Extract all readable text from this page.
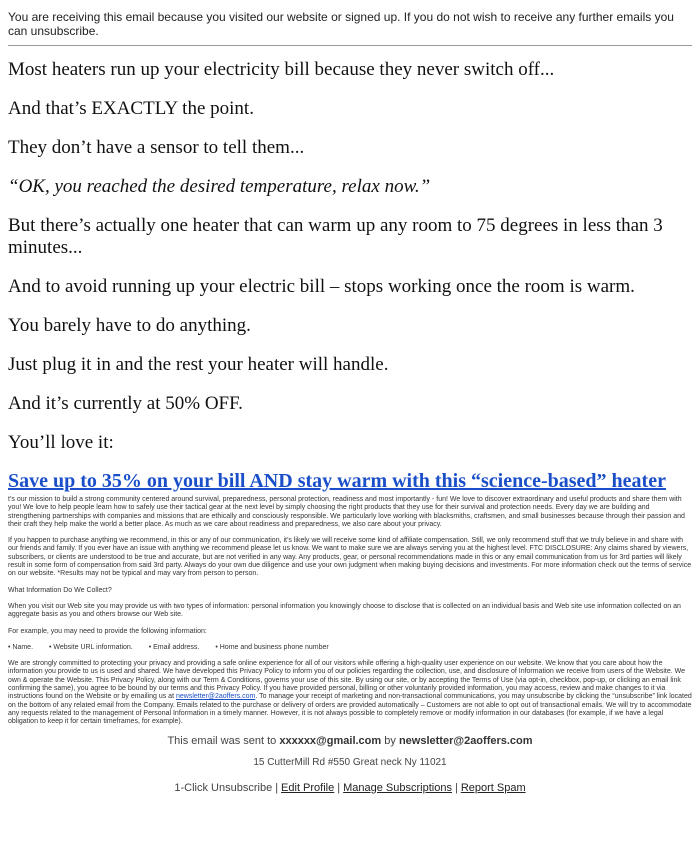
You are receiving this email because you visited our website or signed up. If you do not wish to receive any further emails you can unsubscribe.

Most heaters run up your electricity bill because they never switch off...

And that’s EXACTLY the point.

They don’t have a sensor to tell them...

“OK, you reached the desired temperature, relax now.”

But there’s actually one heater that can warm up any room to 75 degrees in less than 3 minutes...

And to avoid running up your electric bill – stops working once the room is warm.

You barely have to do anything.

Just plug it in and the rest your heater will handle.

And it’s currently at 50% OFF.

You’ll love it:

Save up to 35% on your bill AND stay warm with this “science-based” heater

t’s our mission to build a strong community centered around survival, preparedness, personal protection, readiness and most importantly - fun! We love to discover extraordinary and useful products and share them with you! We love to help people learn how to safely use their tactical gear at the next level by simply choosing the right products that they use for their survival and protection needs. Every day we are building and strengthening partnerships with companies and missions that are ethically and consciously responsible. We particularly love working with blacksmiths, craftsmen, and small businesses because through their passion and their craft they help make the world a better place. As much as we care about readiness and preparedness, we also care about your privacy.

If you happen to purchase anything we recommend, in this or any of our communication, it’s likely we will receive some kind of affiliate compensation. Still, we only recommend stuff that we truly believe in and share with our friends and family. If you ever have an issue with anything we recommend please let us know. We want to make sure we are always serving you at the highest level. FTC DISCLOSURE: Any claims shared by viewers, subscribers, or clients are understood to be true and accurate, but are not verified in any way. Any products, gear, or personal recommendations made in this or any email communication from us for 3rd parties will likely result in some form of compensation from said 3rd party. Always do your own due diligence and use your own judgment when making buying decisions and investments. For more information check out the terms of service on our website. *Results may not be typical and may vary from person to person.

What Information Do We Collect?

When you visit our Web site you may provide us with two types of information: personal information you knowingly choose to disclose that is collected on an individual basis and Web site use information collected on an aggregate basis as you and others browse our Web site.

For example, you may need to provide the following information:

• Name. • Website URL information. • Email address. • Home and business phone number

We are strongly committed to protecting your privacy and providing a safe online experience for all of our visitors while offering a high-quality user experience on our website. We know that you care about how the information you provide to us is used and shared. We have developed this Privacy Policy to inform you of our policies regarding the collection, use, and disclosure of Information we receive from users of the Website. We own & operate the Website. This Privacy Policy, along with our Term & Conditions, governs your use of this site. By using our site, or by accepting the Terms of Use (via opt-in, checkbox, pop-up, or clicking an email link confirming the same), you agree to be bound by our terms and this Privacy Policy. If you have provided personal, billing or other voluntarily provided information, you may access, review and make changes to it via instructions found on the Website or by emailing us at newsletter@2aoffers.com. To manage your receipt of marketing and non-transactional communications, you may unsubscribe by clicking the “unsubscribe” link located on the bottom of any related email from the Company. Emails related to the purchase or delivery of orders are provided automatically – Customers are not able to opt out of transactional emails. We will try to accommodate any requests related to the management of Personal Information in a timely manner. However, it is not always possible to completely remove or modify information in our databases (for example, if we have a legal obligation to keep it for certain timeframes, for example).

This email was sent to xxxxxx@gmail.com by newsletter@2aoffers.com
15 CutterMill Rd #550 Great neck Ny 11021
1-Click Unsubscribe | Edit Profile | Manage Subscriptions | Report Spam
